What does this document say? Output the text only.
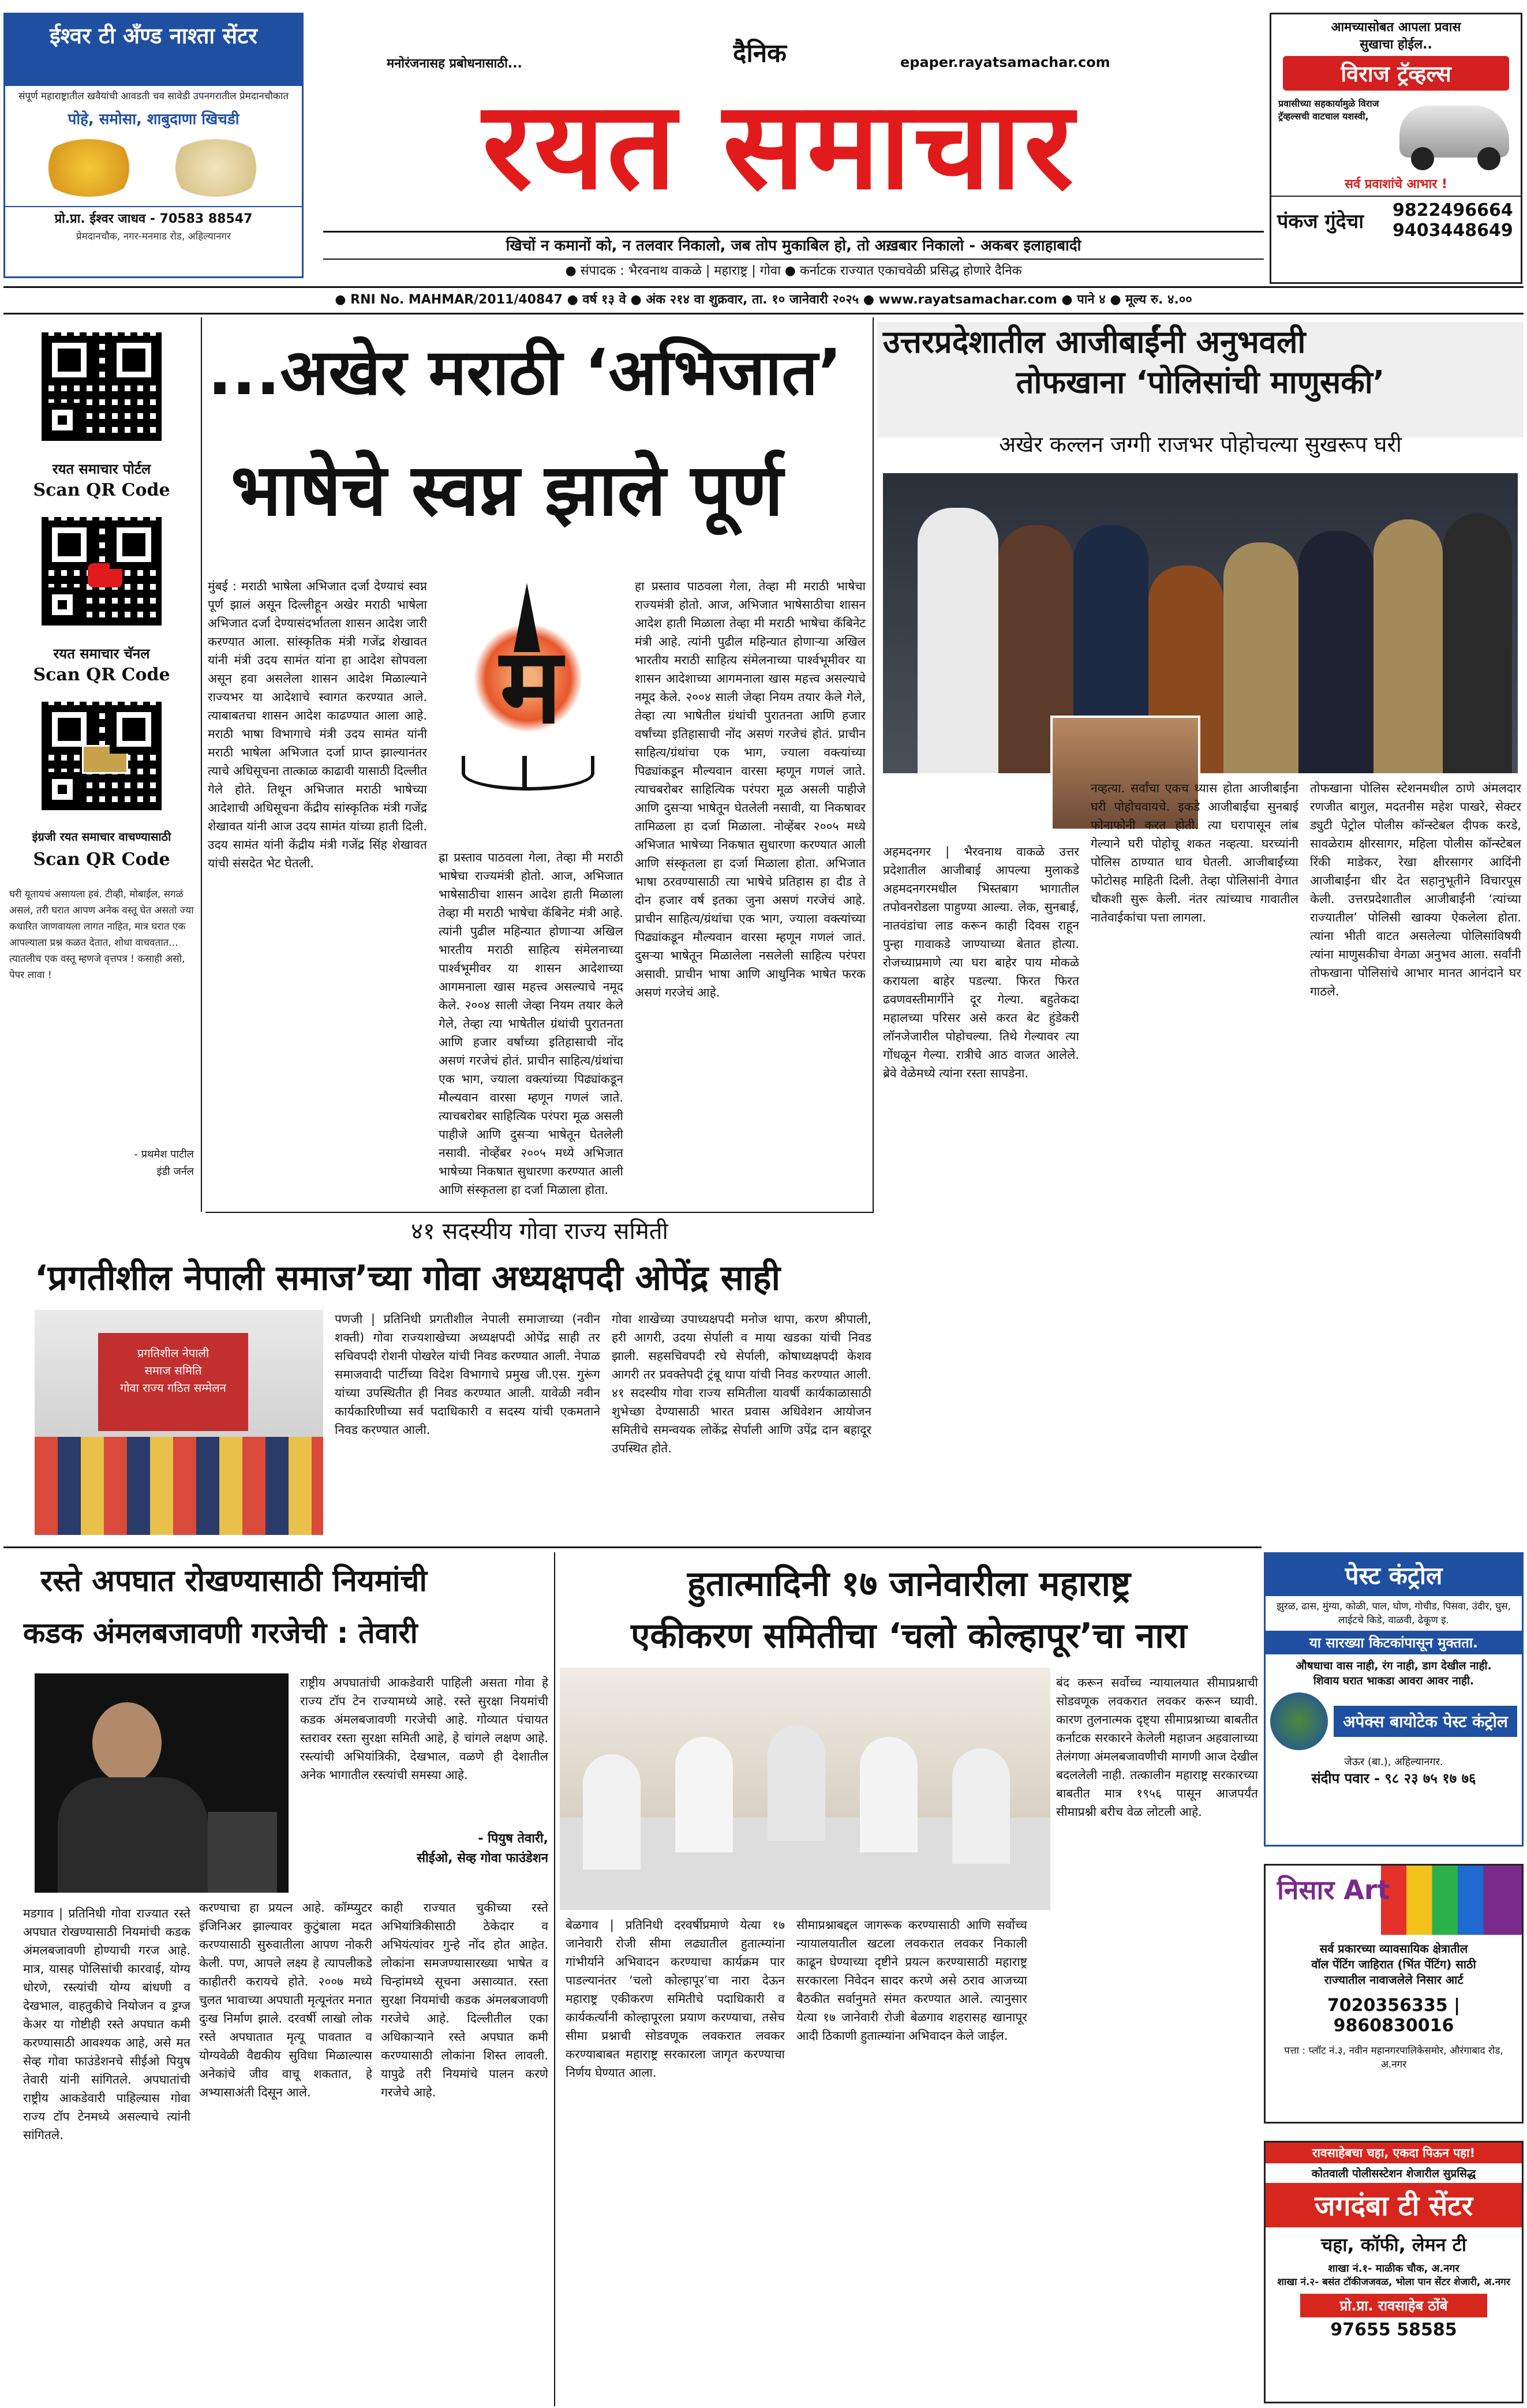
ईश्वर टी अँण्ड नाश्ता सेंटर
संपूर्ण महाराष्ट्रातील खवैयांची आवडती चव सावेडी उपनगरातील प्रेमदानचौकात
पोहे, समोसा, शाबुदाणा खिचडी
प्रो.प्रा. ईश्वर जाधव - 70583 88547
प्रेमदानचौक, नगर-मनमाड रोड, अहिल्यानगर
मनोरंजनासह प्रबोधनासाठी...	दैनिक	epaper.rayatsamachar.com
रयत समाचार
खिचों न कमानों को, न तलवार निकालो, जब तोप मुकाबिल हो, तो अख़बार निकालो - अकबर इलाहाबादी
● संपादक : भैरवनाथ वाकळे | महाराष्ट्र | गोवा ● कर्नाटक राज्यात एकाचवेळी प्रसिद्ध होणारे दैनिक
आमच्यासोबत आपला प्रवास
सुखाचा होईल..
विराज ट्रॅव्हल्स
प्रवासीच्या सहकार्यामुळे विराज ट्रॅव्हल्सची वाटचाल यशस्वी,
सर्व प्रवाशांचे आभार !
पंकज गुंदेचा	9822496664
9403448649
● RNI No. MAHMAR/2011/40847 ● वर्ष १३ वे ● अंक २१४ वा शुक्रवार, ता. १० जानेवारी २०२५ ● www.rayatsamachar.com ● पाने ४ ● मूल्य रु. ४.००
रयत समाचार पोर्टल
Scan QR Code
रयत समाचार चॅनल
Scan QR Code
इंग्रजी रयत समाचार वाचण्यासाठी
Scan QR Code
घरी यूतायचं असायला हवं. टीव्ही, मोबाईल, सगळं असलं, तरी घरात आपण अनेक वस्तू घेत असतो ज्या कधारित जाणवायला लागत नाहित, मात्र घरात एक आपल्याला प्रश्न कळत देतात, शोधा वाचवतात... त्यातलीच एक वस्तू म्हणजे वृत्तपत्र ! कसाही असो, पेपर लावा !
- प्रथमेश पाटील
इंडी जर्नल
...अखेर मराठी ‘अभिजात’
भाषेचे स्वप्न झाले पूर्ण
मुंबई : मराठी भाषेला अभिजात दर्जा देण्याचं स्वप्न पूर्ण झालं असून दिल्लीहून अखेर मराठी भाषेला अभिजात दर्जा देण्यासंदर्भातला शासन आदेश जारी करण्यात आला. सांस्कृतिक मंत्री गजेंद्र शेखावत यांनी मंत्री उदय सामंत यांना हा आदेश सोपवला असून हवा असलेला शासन आदेश मिळाल्याने राज्यभर या आदेशाचे स्वागत करण्यात आले. त्याबाबतचा शासन आदेश काढण्यात आला आहे. मराठी भाषा विभागाचे मंत्री उदय सामंत यांनी मराठी भाषेला अभिजात दर्जा प्राप्त झाल्यानंतर त्याचे अधिसूचना तात्काळ काढावी यासाठी दिल्लीत गेले होते. तिथून अभिजात मराठी भाषेच्या आदेशाची अधिसूचना केंद्रीय सांस्कृतिक मंत्री गजेंद्र शेखावत यांनी आज उदय सामंत यांच्या हाती दिली. उदय सामंत यांनी केंद्रीय मंत्री गजेंद्र सिंह शेखावत यांची संसदेत भेट घेतली.
म
ह्रा प्रस्ताव पाठवला गेला, तेव्हा मी मराठी भाषेचा राज्यमंत्री होतो. आज, अभिजात भाषेसाठीचा शासन आदेश हाती मिळाला तेव्हा मी मराठी भाषेचा कॅबिनेट मंत्री आहे. त्यांनी पुढील महिन्यात होणाऱ्या अखिल भारतीय मराठी साहित्य संमेलनाच्या पार्श्वभूमीवर या शासन आदेशाच्या आगमनाला खास महत्त्व असल्याचे नमूद केले. २००४ साली जेव्हा नियम तयार केले गेले, तेव्हा त्या भाषेतील ग्रंथांची पुरातनता आणि हजार वर्षांच्या इतिहासाची नोंद असणं गरजेचं होतं. प्राचीन साहित्य/ग्रंथांचा एक भाग, ज्याला वक्त्यांच्या पिढ्यांकडून मौल्यवान वारसा म्हणून गणलं जाते. त्याचबरोबर साहित्यिक परंपरा मूळ असली पाहीजे आणि दुसऱ्या भाषेतून घेतलेली नसावी. नोव्हेंबर २००५ मध्ये अभिजात भाषेच्या निकषात सुधारणा करण्यात आली आणि संस्कृतला हा दर्जा मिळाला होता.
हा प्रस्ताव पाठवला गेला, तेव्हा मी मराठी भाषेचा राज्यमंत्री होतो. आज, अभिजात भाषेसाठीचा शासन आदेश हाती मिळाला तेव्हा मी मराठी भाषेचा कॅबिनेट मंत्री आहे. त्यांनी पुढील महिन्यात होणाऱ्या अखिल भारतीय मराठी साहित्य संमेलनाच्या पार्श्वभूमीवर या शासन आदेशाच्या आगमनाला खास महत्त्व असल्याचे नमूद केले. २००४ साली जेव्हा नियम तयार केले गेले, तेव्हा त्या भाषेतील ग्रंथांची पुरातनता आणि हजार वर्षांच्या इतिहासाची नोंद असणं गरजेचं होतं. प्राचीन साहित्य/ग्रंथांचा एक भाग, ज्याला वक्त्यांच्या पिढ्यांकडून मौल्यवान वारसा म्हणून गणलं जाते. त्याचबरोबर साहित्यिक परंपरा मूळ असली पाहीजे आणि दुसऱ्या भाषेतून घेतलेली नसावी, या निकषावर तामिळला हा दर्जा मिळाला. नोव्हेंबर २००५ मध्ये अभिजात भाषेच्या निकषात सुधारणा करण्यात आली आणि संस्कृतला हा दर्जा मिळाला होता. अभिजात भाषा ठरवण्यासाठी त्या भाषेचे प्रतिहास हा दीड ते दोन हजार वर्ष इतका जुना असणं गरजेचं आहे. प्राचीन साहित्य/ग्रंथांचा एक भाग, ज्याला वक्त्यांच्या पिढ्यांकडून मौल्यवान वारसा म्हणून गणलं जातं. दुसऱ्या भाषेतून मिळालेला नसलेली साहित्य परंपरा असावी. प्राचीन भाषा आणि आधुनिक भाषेत फरक असणं गरजेचं आहे.
उत्तरप्रदेशातील आजीबाईंनी अनुभवली
तोफखाना ‘पोलिसांची माणुसकी’
अखेर कल्लन जग्गी राजभर पोहोचल्या सुखरूप घरी
अहमदनगर | भैरवनाथ वाकळे उत्तर प्रदेशातील आजीबाई आपल्या मुलाकडे अहमदनगरमधील भिस्तबाग भागातील तपोवनरोडला पाहुण्या आल्या. लेक, सुनबाई, नातवंडांचा लाड करून काही दिवस राहून पुन्हा गावाकडे जाण्याच्या बेतात होत्या. रोजच्याप्रमाणे त्या घरा बाहेर पाय मोकळे करायला बाहेर पडल्या. फिरत फिरत ढवणवस्तीमार्गीने दूर गेल्या. बहुतेकदा महालच्या परिसर असे करत बेट हुंडेकरी लॉनजेजारील पोहोचल्या. तिथे गेल्यावर त्या गोंधळून गेल्या. रात्रीचे आठ वाजत आलेले. ब्रेवे वेळेमध्ये त्यांना रस्ता सापडेना.
नव्हत्या. सर्वांचा एकच ध्यास होता आजीबाईंना घरी पोहोचवायचे. इकडे आजीबाईंचा सुनबाई फोनाफोनी करत होती. त्या घरापासून लांब गेल्याने घरी पोहोचू शकत नव्हत्या. घरच्यांनी पोलिस ठाण्यात धाव घेतली. आजीबाईंच्या फोटोसह माहिती दिली. तेव्हा पोलिसांनी वेगात चौकशी सुरू केली. नंतर त्यांच्याच गावातील नातेवाईकांचा पत्ता लागला.
तोफखाना पोलिस स्टेशनमधील ठाणे अंमलदार रणजीत बागुल, मदतनीस महेश पाखरे, सेक्टर ड्युटी पेट्रोल पोलीस कॉन्स्टेबल दीपक करडे, सावळेराम क्षीरसागर, महिला पोलीस कॉन्स्टेबल रिंकी माडेकर, रेखा क्षीरसागर आदिंनी आजीबाईंना धीर देत सहानुभूतीने विचारपूस केली. उत्तरप्रदेशातील आजीबाईंनी ‘त्यांच्या राज्यातील’ पोलिसी खाक्या ऐकलेला होता. त्यांना भीती वाटत असलेल्या पोलिसांविषयी त्यांना माणुसकीचा वेगळा अनुभव आला. सर्वांनी तोफखाना पोलिसांचे आभार मानत आनंदाने घर गाठले.
४१ सदस्यीय गोवा राज्य समिती
‘प्रगतीशील नेपाली समाज’च्या गोवा अध्यक्षपदी ओपेंद्र साही
प्रगतिशील नेपाली
समाज समिति
गोवा राज्य गठित सम्मेलन
पणजी | प्रतिनिधी प्रगतीशील नेपाली समाजाच्या (नवीन शक्ती) गोवा राज्यशाखेच्या अध्यक्षपदी ओपेंद्र साही तर सचिवपदी रोशनी पोखरेल यांची निवड करण्यात आली. नेपाळ समाजवादी पार्टीच्या विदेश विभागाचे प्रमुख जी.एस. गुरूंग यांच्या उपस्थितीत ही निवड करण्यात आली. यावेळी नवीन कार्यकारिणीच्या सर्व पदाधिकारी व सदस्य यांची एकमताने निवड करण्यात आली.
गोवा शाखेच्या उपाध्यक्षपदी मनोज थापा, करण श्रीपाली, हरी आगरी, उदया सेर्पाली व माया खडका यांची निवड झाली. सहसचिवपदी रघे सेर्पाली, कोषाध्यक्षपदी केशव आगरी तर प्रवक्तेपदी ट्रंबू थापा यांची निवड करण्यात आली. ४१ सदस्यीय गोवा राज्य समितीला यावर्षी कार्यकाळासाठी शुभेच्छा देण्यासाठी भारत प्रवास अधिवेशन आयोजन समितीचे समन्वयक लोकेंद्र सेर्पाली आणि उपेंद्र दान बहादूर उपस्थित होते.
रस्ते अपघात रोखण्यासाठी नियमांची
कडक अंमलबजावणी गरजेची : तेवारी
राष्ट्रीय अपघातांची आकडेवारी पाहिली असता गोवा हे राज्य टॉप टेन राज्यामध्ये आहे. रस्ते सुरक्षा नियमांची कडक अंमलबजावणी गरजेची आहे. गोव्यात पंचायत स्तरावर रस्ता सुरक्षा समिती आहे, हे चांगले लक्षण आहे. रस्त्यांची अभियांत्रिकी, देखभाल, वळणे ही देशातील अनेक भागातील रस्त्यांची समस्या आहे.
- पियुष तेवारी,
सीईओ, सेव्ह गोवा फाउंडेशन
मडगाव | प्रतिनिधी गोवा राज्यात रस्ते अपघात रोखण्यासाठी नियमांची कडक अंमलबजावणी होण्याची गरज आहे. मात्र, यासह पोलिसांची कारवाई, योग्य धोरणे, रस्त्यांची योग्य बांधणी व देखभाल, वाहतुकीचे नियोजन व ड्रग्ज केअर या गोष्टीही रस्ते अपघात कमी करण्यासाठी आवश्यक आहे, असे मत सेव्ह गोवा फाउंडेशनचे सीईओ पियुष तेवारी यांनी सांगितले. अपघातांची राष्ट्रीय आकडेवारी पाहिल्यास गोवा राज्य टॉप टेनमध्ये असल्याचे त्यांनी सांगितले.
करण्याचा हा प्रयत्न आहे. कॉम्प्युटर इंजिनिअर झाल्यावर कुटुंबाला मदत करण्यासाठी सुरुवातीला आपण नोकरी केली. पण, आपले लक्ष्य हे त्यापलीकडे काहीतरी करायचे होते. २००७ मध्ये चुलत भावाच्या अपघाती मृत्यूनंतर मनात दुःख निर्माण झाले. दरवर्षी लाखो लोक रस्ते अपघातात मृत्यू पावतात व योग्यवेळी वैद्यकीय सुविधा मिळाल्यास अनेकांचे जीव वाचू शकतात, हे अभ्यासाअंती दिसून आले.
काही राज्यात चुकीच्या रस्ते अभियांत्रिकीसाठी ठेकेदार व अभियंत्यांवर गुन्हे नोंद होत आहेत. लोकांना समजण्यासारख्या भाषेत व चिन्हांमध्ये सूचना असाव्यात. रस्ता सुरक्षा नियमांची कडक अंमलबजावणी गरजेचे आहे. दिल्लीतील एका अधिकाऱ्याने रस्ते अपघात कमी करण्यासाठी लोकांना शिस्त लावली. यापुढे तरी नियमांचे पालन करणे गरजेचे आहे.
हुतात्मादिनी १७ जानेवारीला महाराष्ट्र
एकीकरण समितीचा ‘चलो कोल्हापूर’चा नारा
बेळगाव | प्रतिनिधी दरवर्षीप्रमाणे येत्या १७ जानेवारी रोजी सीमा लढ्यातील हुतात्म्यांना गांभीर्याने अभिवादन करण्याचा कार्यक्रम पार पाडल्यानंतर ‘चलो कोल्हापूर’चा नारा देऊन महाराष्ट्र एकीकरण समितीचे पदाधिकारी व कार्यकर्त्यांनी कोल्हापूरला प्रयाण करण्याचा, तसेच सीमा प्रश्नाची सोडवणूक लवकरात लवकर करण्याबाबत महाराष्ट्र सरकारला जागृत करण्याचा निर्णय घेण्यात आला.
सीमाप्रश्नाबद्दल जागरूक करण्यासाठी आणि सर्वोच्च न्यायालयातील खटला लवकरात लवकर निकाली काढून घेण्याच्या दृष्टीने प्रयत्न करण्यासाठी महाराष्ट्र सरकारला निवेदन सादर करणे असे ठराव आजच्या बैठकीत सर्वानुमते संमत करण्यात आले. त्यानुसार येत्या १७ जानेवारी रोजी बेळगाव शहरासह खानापूर आदी ठिकाणी हुतात्म्यांना अभिवादन केले जाईल.
बंद करून सर्वोच्च न्यायालयात सीमाप्रश्नाची सोडवणूक लवकरात लवकर करून घ्यावी. कारण तुलनात्मक दृष्ट्या सीमाप्रश्नाच्या बाबतीत कर्नाटक सरकारने केलेली महाजन अहवालाच्या तेलंगणा अंमलबजावणीची मागणी आज देखील बदललेली नाही. तत्कालीन महाराष्ट्र सरकारच्या बाबतीत मात्र १९५६ पासून आजपर्यंत सीमाप्रश्नी बरीच वेळ लोटली आहे.
पेस्ट कंट्रोल
झुरळ, ढास, मुंग्या, कोळी, पाल, घोण, गोचीड, पिसवा, उंदीर, घुस, लाईटचे किडे, वाळवी, ढेकूण इ.
या सारख्या किटकांपासून मुक्तता.
औषधाचा वास नाही, रंग नाही, डाग देखील नाही.
शिवाय घरात भाकडा आवरा आवर नाही.
अपेक्स बायोटेक पेस्ट कंट्रोल
जेऊर (बा.), अहिल्यानगर.
संदीप पवार - ९८ २३ ७५ १७ ७६
निसार Art
सर्व प्रकारच्या व्यावसायिक क्षेत्रातील
वॉल पेंटिंग जाहिरात (भिंत पेंटिंग) साठी
राज्यातील नावाजलेले निसार आर्ट
7020356335 | 9860830016
पत्ता : प्लॉट नं.३, नवीन महानगरपालिकेसमोर, औरंगाबाद रोड, अ.नगर
रावसाहेबचा चहा, एकदा पिऊन पहा!
कोतवाली पोलीसस्टेशन शेजारील सुप्रसिद्ध
जगदंबा टी सेंटर
चहा, कॉफी, लेमन टी
शाखा नं.१- माळीक चौक, अ.नगर
शाखा नं.२- बसंत टॉकीजजवळ, भोला पान सेंटर शेजारी, अ.नगर
प्रो.प्रा. रावसाहेब ठोंबे
97655 58585
